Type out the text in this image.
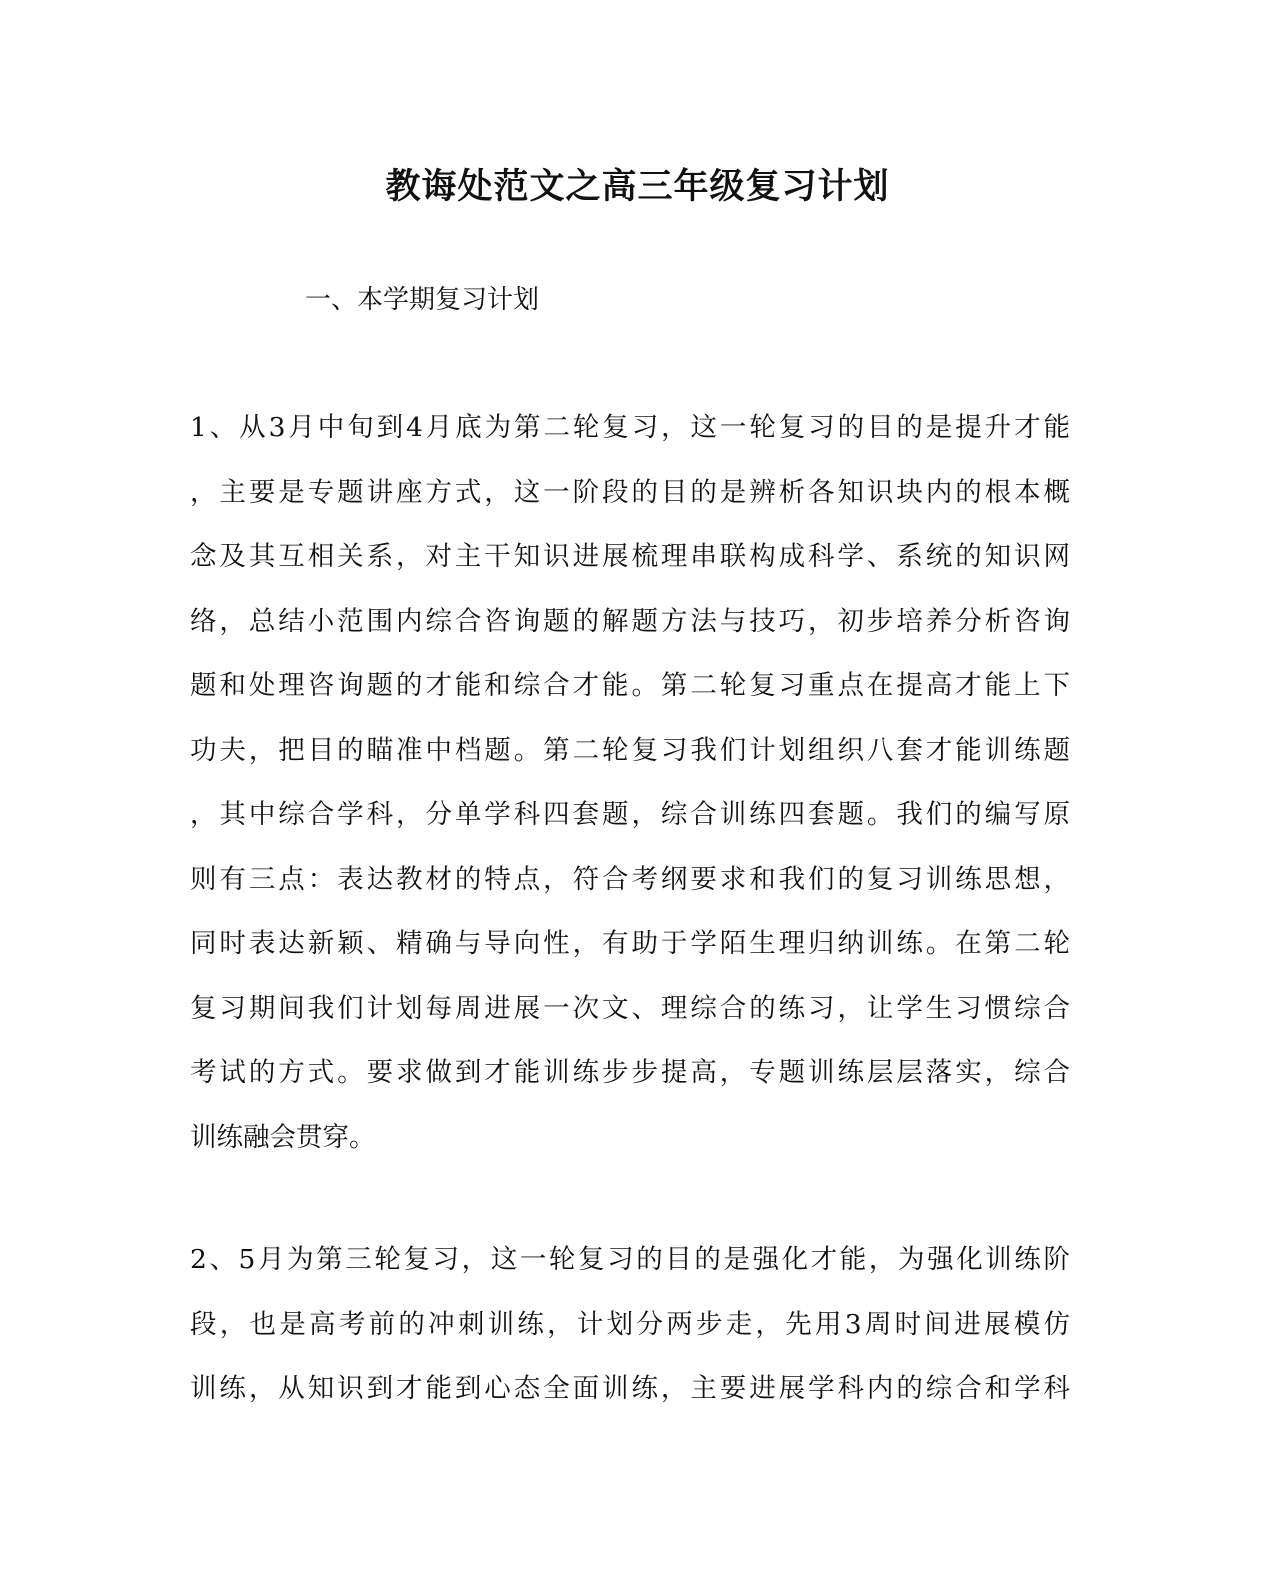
教诲处范文之高三年级复习计划
一、本学期复习计划
1、从3月中旬到4月底为第二轮复习，这一轮复习的目的是提升才能
，主要是专题讲座方式，这一阶段的目的是辨析各知识块内的根本概
念及其互相关系，对主干知识进展梳理串联构成科学、系统的知识网
络，总结小范围内综合咨询题的解题方法与技巧，初步培养分析咨询
题和处理咨询题的才能和综合才能。第二轮复习重点在提高才能上下
功夫，把目的瞄准中档题。第二轮复习我们计划组织八套才能训练题
，其中综合学科，分单学科四套题，综合训练四套题。我们的编写原
则有三点：表达教材的特点，符合考纲要求和我们的复习训练思想，
同时表达新颖、精确与导向性，有助于学陌生理归纳训练。在第二轮
复习期间我们计划每周进展一次文、理综合的练习，让学生习惯综合
考试的方式。要求做到才能训练步步提高，专题训练层层落实，综合
训练融会贯穿。
2、5月为第三轮复习，这一轮复习的目的是强化才能，为强化训练阶
段，也是高考前的冲刺训练，计划分两步走，先用3周时间进展模仿
训练，从知识到才能到心态全面训练，主要进展学科内的综合和学科
